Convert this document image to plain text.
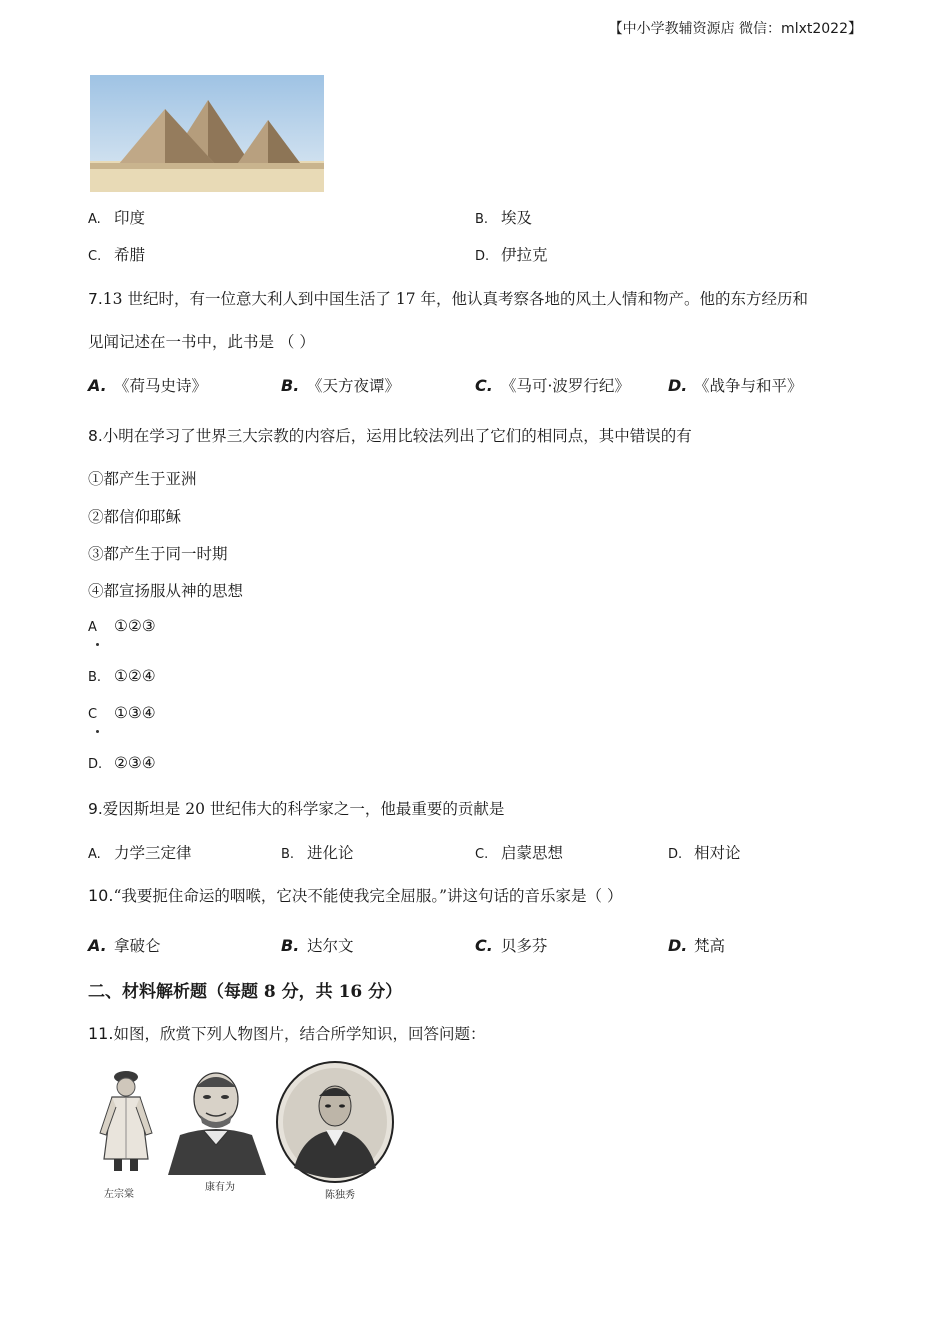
【中小学教辅资源店 微信：mlxt2022】
A. 印度	B. 埃及
C. 希腊	D. 伊拉克
7.13 世纪时，有一位意大利人到中国生活了 17 年，他认真考察各地的风土人情和物产。他的东方经历和
见闻记述在一书中，此书是 （ ）
A. 《荷马史诗》	B. 《天方夜谭》	C. 《马可·波罗行纪》 D. 《战争与和平》
8.小明在学习了世界三大宗教的内容后，运用比较法列出了它们的相同点，其中错误的有
①都产生于亚洲
②都信仰耶稣
③都产生于同一时期
④都宣扬服从神的思想
A ①②③
B. ①②④
C ①③④
D. ②③④
9.爱因斯坦是 20 世纪伟大的科学家之一，他最重要的贡献是
A. 力学三定律	B. 进化论	C. 启蒙思想	D. 相对论
10.“我要扼住命运的咽喉，它决不能使我完全屈服。”讲这句话的音乐家是（ ）
A. 拿破仑	B. 达尔文	C. 贝多芬	D. 梵高
二、材料解析题（每题 8 分，共 16 分）
11.如图，欣赏下列人物图片，结合所学知识，回答问题：
左宗棠
康有为
陈独秀
